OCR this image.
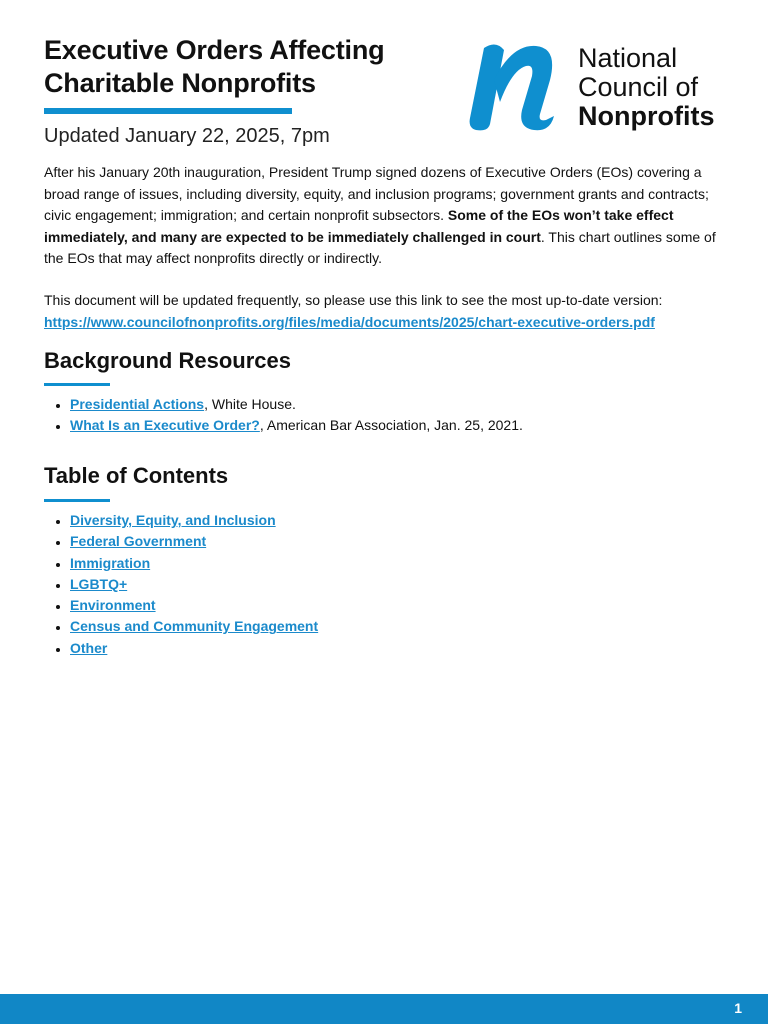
Executive Orders Affecting
Charitable Nonprofits
Updated January 22, 2025, 7pm
National
Council of
Nonprofits

After his January 20th inauguration, President Trump signed dozens of Executive Orders (EOs) covering a broad range of issues, including diversity, equity, and inclusion programs; government grants and contracts; civic engagement; immigration; and certain nonprofit subsectors. Some of the EOs won’t take effect immediately, and many are expected to be immediately challenged in court. This chart outlines some of the EOs that may affect nonprofits directly or indirectly.

This document will be updated frequently, so please use this link to see the most up-to-date version:
https://www.councilofnonprofits.org/files/media/documents/2025/chart-executive-orders.pdf

Background Resources
• Presidential Actions, White House.
• What Is an Executive Order?, American Bar Association, Jan. 25, 2021.
Table of Contents
• Diversity, Equity, and Inclusion
• Federal Government
• Immigration
• LGBTQ+
• Environment
• Census and Community Engagement
• Other
1
